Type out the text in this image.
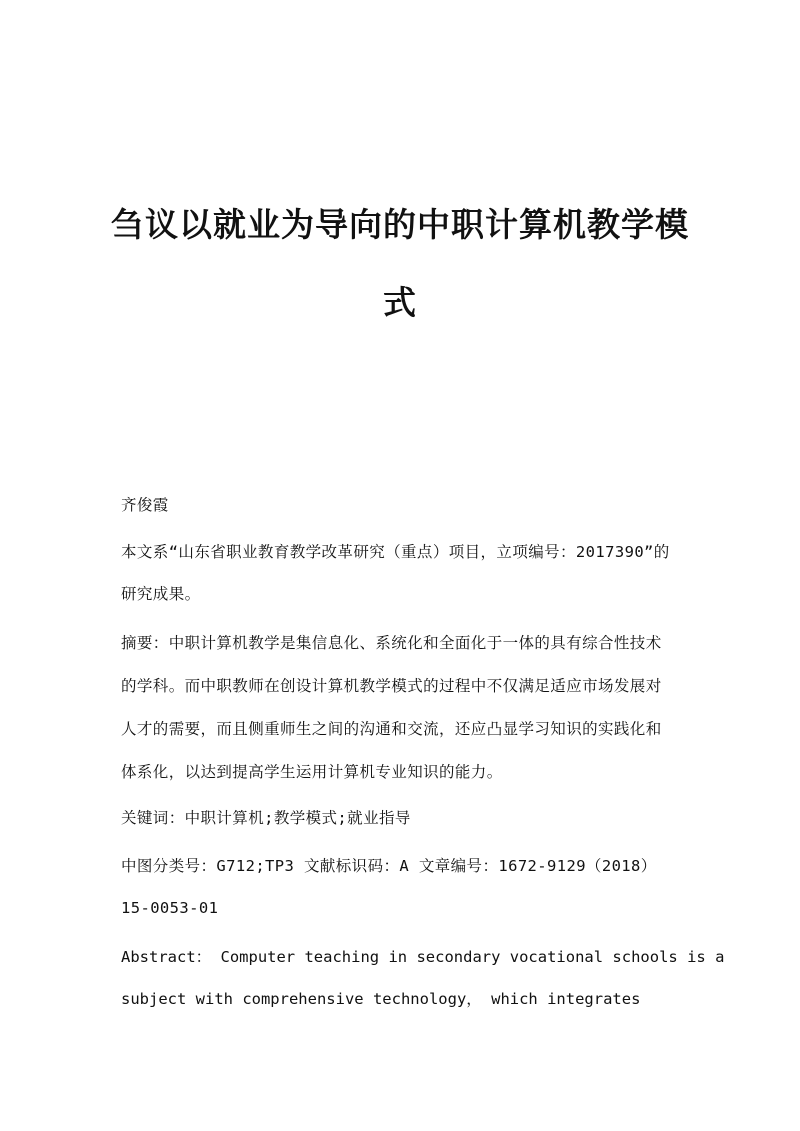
刍议以就业为导向的中职计算机教学模
式

齐俊霞

本文系“山东省职业教育教学改革研究（重点）项目，立项编号：2017390”的

研究成果。

摘要：中职计算机教学是集信息化、系统化和全面化于一体的具有综合性技术

的学科。而中职教师在创设计算机教学模式的过程中不仅满足适应市场发展对

人才的需要，而且侧重师生之间的沟通和交流，还应凸显学习知识的实践化和

体系化，以达到提高学生运用计算机专业知识的能力。

关键词：中职计算机;教学模式;就业指导

中图分类号：G712;TP3 文献标识码：A 文章编号：1672-9129（2018）

15-0053-01

Abstract： Computer teaching in secondary vocational schools is a

subject with comprehensive technology， which integrates
